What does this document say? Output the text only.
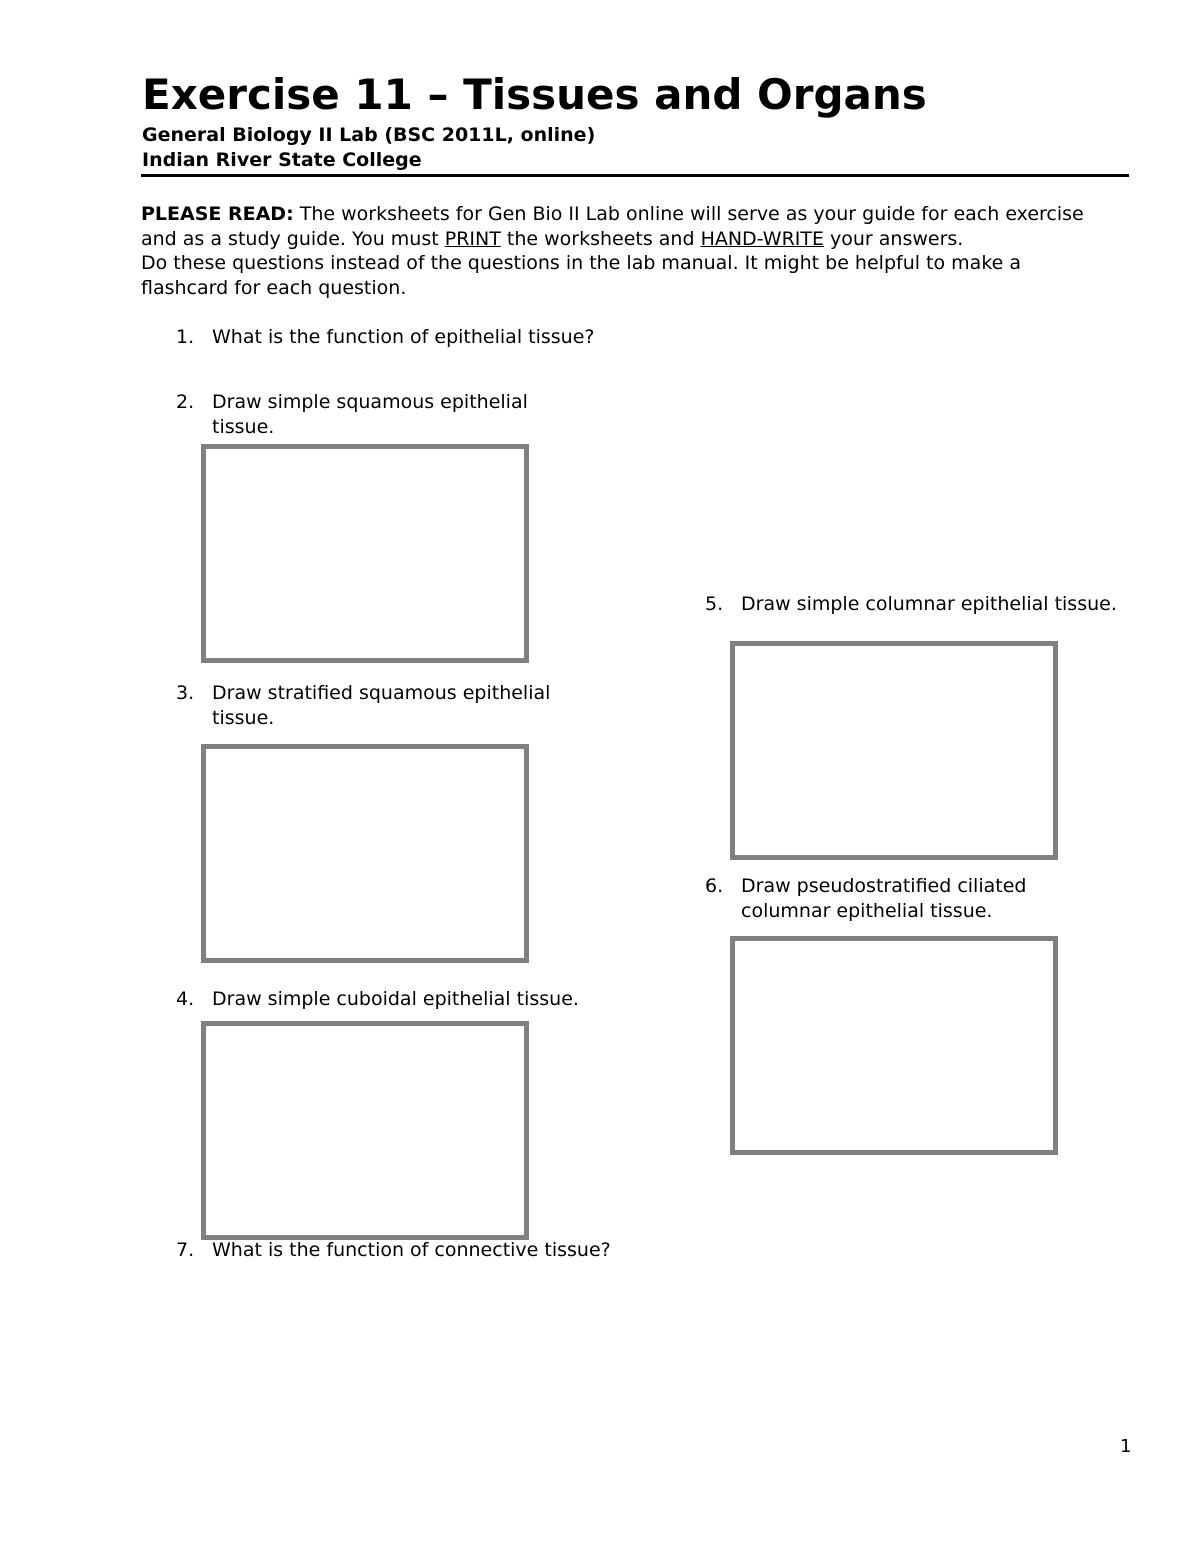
Exercise 11 – Tissues and Organs
General Biology II Lab (BSC 2011L, online)
Indian River State College
PLEASE READ: The worksheets for Gen Bio II Lab online will serve as your guide for each exercise
and as a study guide. You must PRINT the worksheets and HAND-WRITE your answers.
Do these questions instead of the questions in the lab manual. It might be helpful to make a
flashcard for each question.
1. What is the function of epithelial tissue?
2. Draw simple squamous epithelial
tissue.
3. Draw stratified squamous epithelial
tissue.
4. Draw simple cuboidal epithelial tissue.
5. Draw simple columnar epithelial tissue.
6. Draw pseudostratified ciliated
columnar epithelial tissue.
7. What is the function of connective tissue?
1
